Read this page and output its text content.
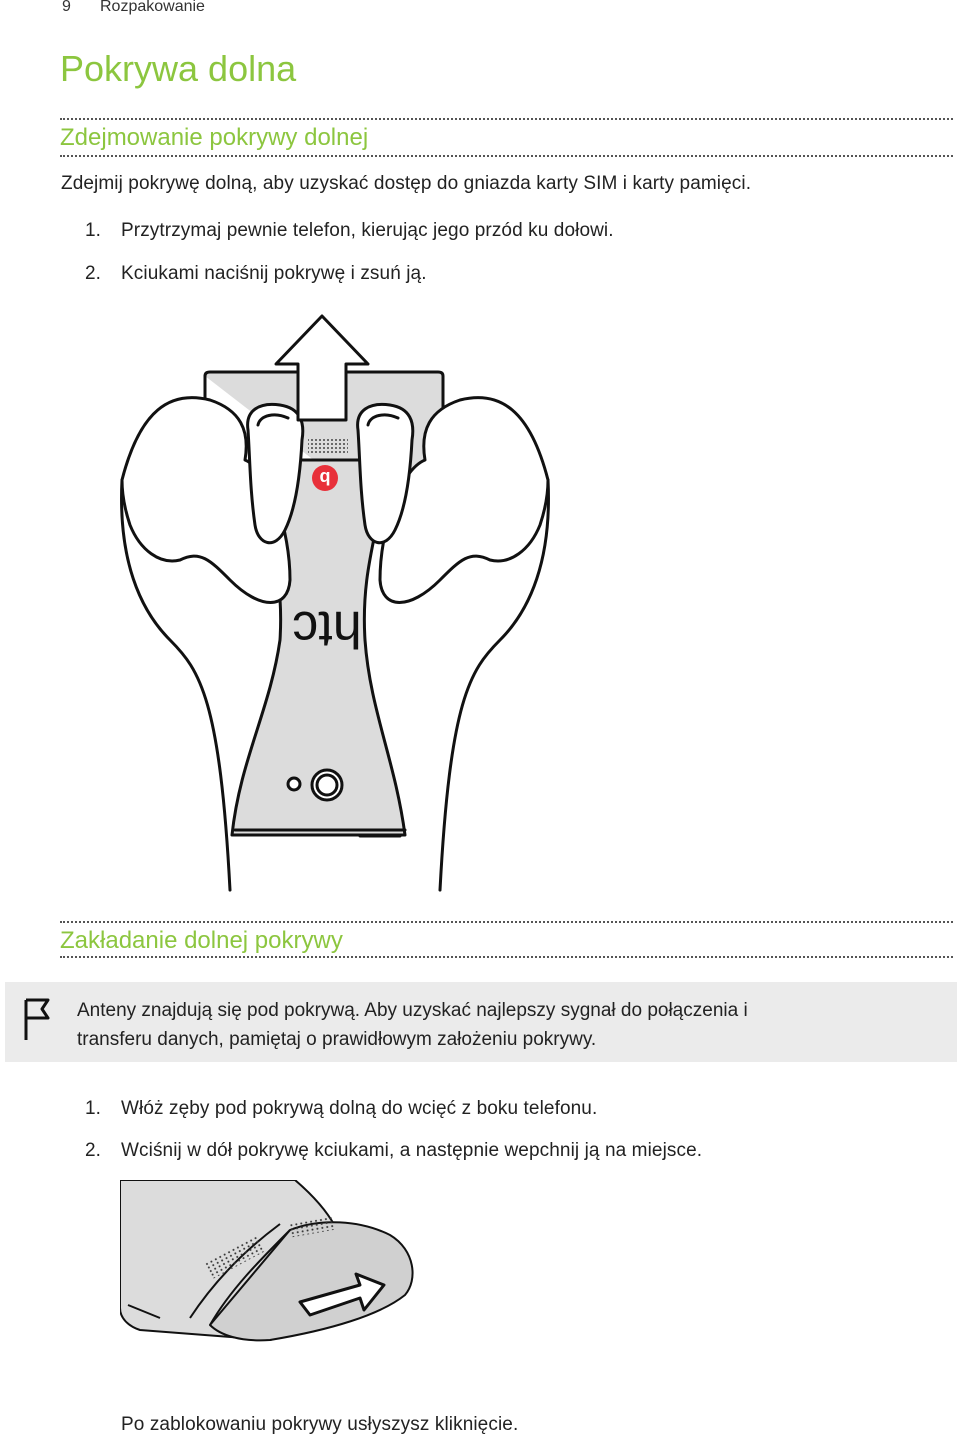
9 Rozpakowanie
Pokrywa dolna
Zdejmowanie pokrywy dolnej
Zdejmij pokrywę dolną, aby uzyskać dostęp do gniazda karty SIM i karty pamięci.
1. Przytrzymaj pewnie telefon, kierując jego przód ku dołowi.
2. Kciukami naciśnij pokrywę i zsuń ją.
b
htc
Zakładanie dolnej pokrywy
Anteny znajdują się pod pokrywą. Aby uzyskać najlepszy sygnał do połączenia i
transferu danych, pamiętaj o prawidłowym założeniu pokrywy.
1. Włóż zęby pod pokrywą dolną do wcięć z boku telefonu.
2. Wciśnij w dół pokrywę kciukami, a następnie wepchnij ją na miejsce.
Po zablokowaniu pokrywy usłyszysz kliknięcie.
